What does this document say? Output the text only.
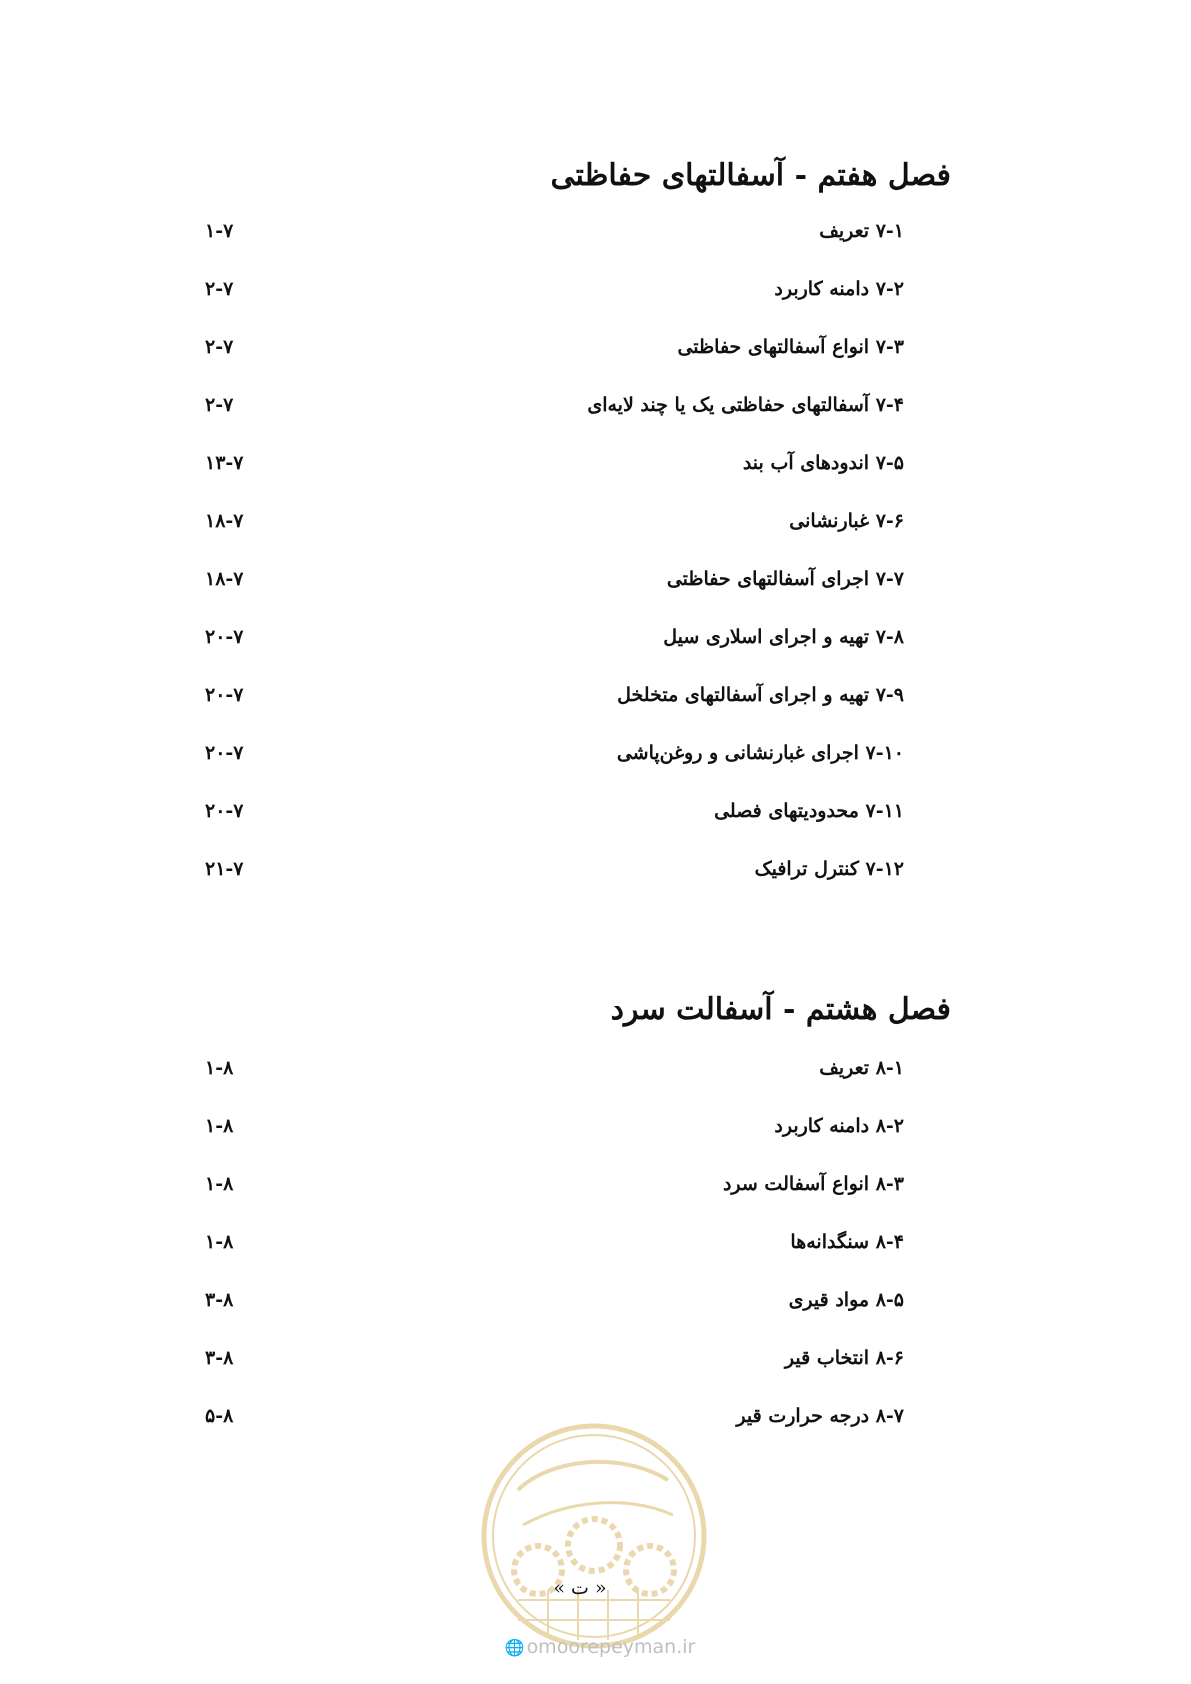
فصل هفتم - آسفالتهای حفاظتی
۷-۱ تعریف
۱-۷
۷-۲ دامنه کاربرد
۲-۷
۷-۳ انواع آسفالتهای حفاظتی
۲-۷
۷-۴ آسفالتهای حفاظتی یک یا چند لایه‌ای
۲-۷
۷-۵ اندودهای آب بند
۱۳-۷
۷-۶ غبارنشانی
۱۸-۷
۷-۷ اجرای آسفالتهای حفاظتی
۱۸-۷
۷-۸ تهیه و اجرای اسلاری سیل
۲۰-۷
۷-۹ تهیه و اجرای آسفالتهای متخلخل
۲۰-۷
۷-۱۰ اجرای غبارنشانی و روغن‌پاشی
۲۰-۷
۷-۱۱ محدودیتهای فصلی
۲۰-۷
۷-۱۲ کنترل ترافیک
۲۱-۷
فصل هشتم - آسفالت سرد
۸-۱ تعریف
۱-۸
۸-۲ دامنه کاربرد
۱-۸
۸-۳ انواع آسفالت سرد
۱-۸
۸-۴ سنگدانه‌ها
۱-۸
۸-۵ مواد قیری
۳-۸
۸-۶ انتخاب قیر
۳-۸
۸-۷ درجه حرارت قیر
۵-۸
« ت »
🌐 omoorepeyman.ir
